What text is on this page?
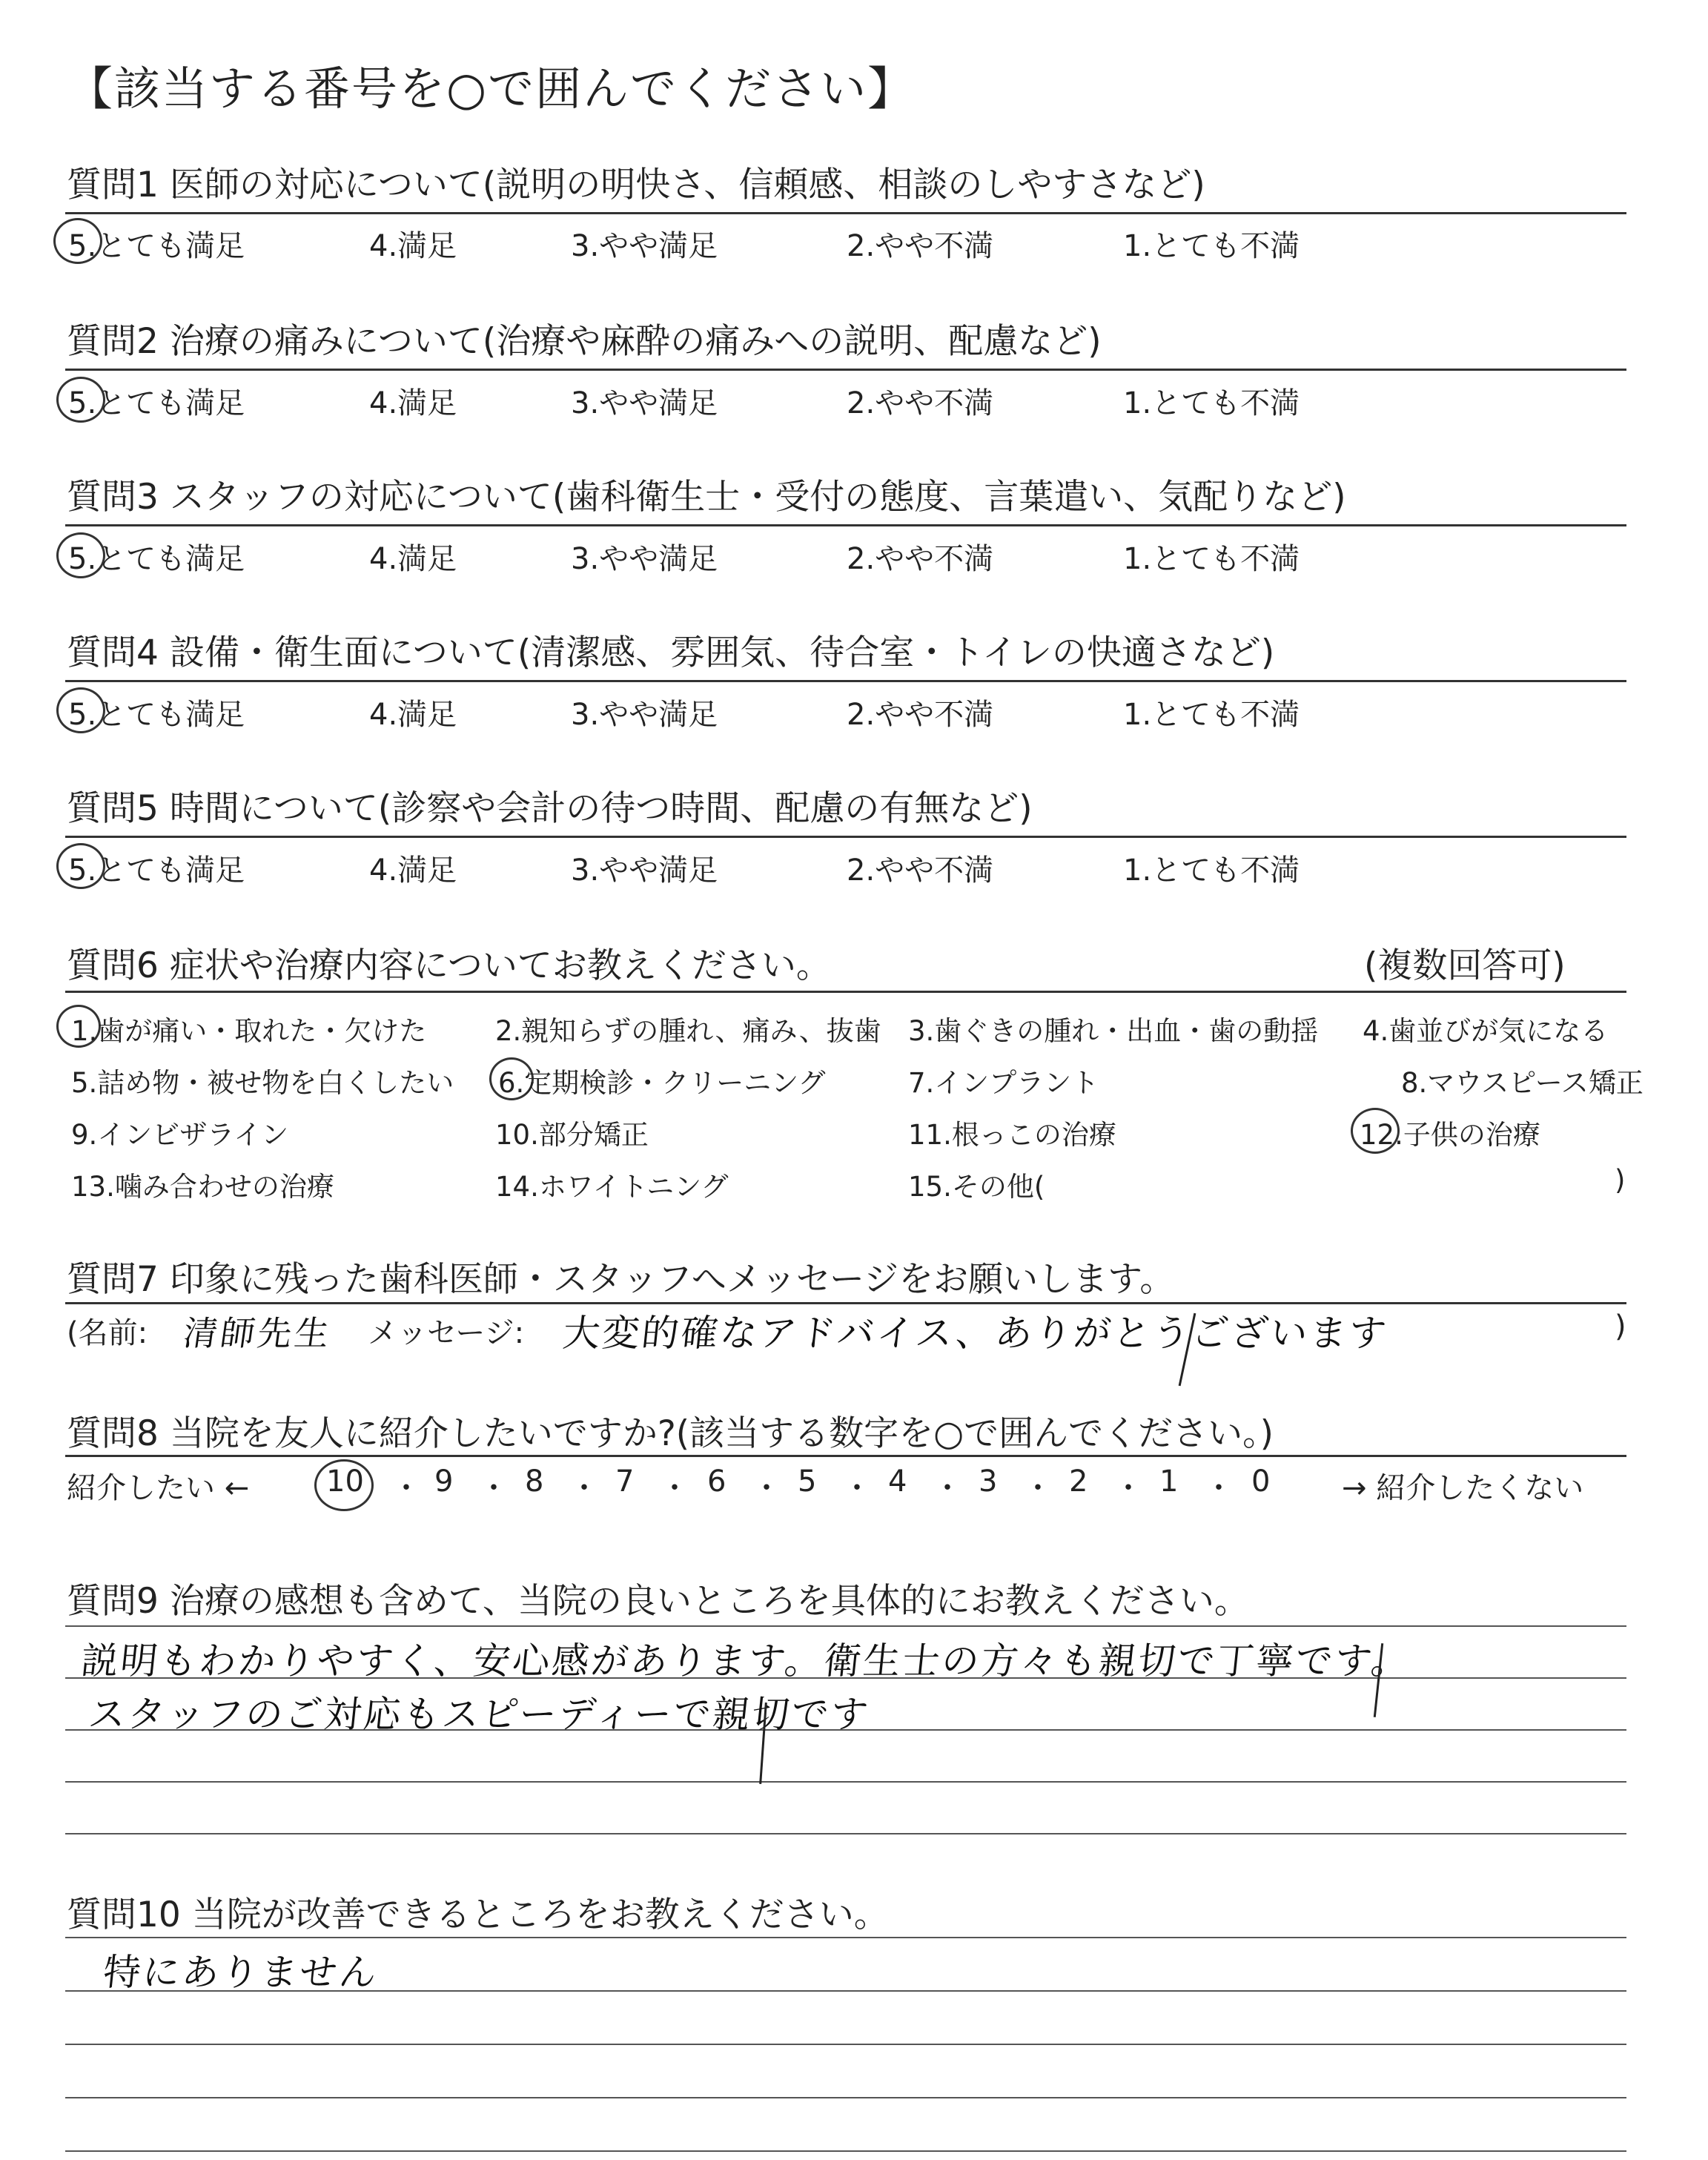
【該当する番号を○で囲んでください】
質問1 医師の対応について(説明の明快さ、信頼感、相談のしやすさなど)
5.とても満足	4.満足	3.やや満足	2.やや不満	1.とても不満
質問2 治療の痛みについて(治療や麻酔の痛みへの説明、配慮など)
5.とても満足	4.満足	3.やや満足	2.やや不満	1.とても不満
質問3 スタッフの対応について(歯科衛生士・受付の態度、言葉遣い、気配りなど)
5.とても満足	4.満足	3.やや満足	2.やや不満	1.とても不満
質問4 設備・衛生面について(清潔感、雰囲気、待合室・トイレの快適さなど)
5.とても満足	4.満足	3.やや満足	2.やや不満	1.とても不満
質問5 時間について(診察や会計の待つ時間、配慮の有無など)
5.とても満足	4.満足	3.やや満足	2.やや不満	1.とても不満
質問6 症状や治療内容についてお教えください。	(複数回答可)
1.歯が痛い・取れた・欠けた	2.親知らずの腫れ、痛み、抜歯 3.歯ぐきの腫れ・出血・歯の動揺 4.歯並びが気になる
5.詰め物・被せ物を白くしたい 6.定期検診・クリーニング	7.インプラント	8.マウスピース矯正
9.インビザライン	10.部分矯正	11.根っこの治療	12.子供の治療
13.噛み合わせの治療	14.ホワイトニング	15.その他(	)
質問7 印象に残った歯科医師・スタッフへメッセージをお願いします。
(名前: 清師先生 メッセージ: 大変的確なアドバイス、ありがとうございます	)
質問8 当院を友人に紹介したいですか?(該当する数字を○で囲んでください。)
紹介したい ←	10 ・ 9 ・ 8 ・ 7 ・ 6 ・ 5 ・ 4 ・ 3 ・ 2 ・ 1 ・ 0 → 紹介したくない
質問9 治療の感想も含めて、当院の良いところを具体的にお教えください。
説明もわかりやすく、安心感があります。衛生士の方々も親切で丁寧です。
スタッフのご対応もスピーディーで親切です
質問10 当院が改善できるところをお教えください。
特にありません
